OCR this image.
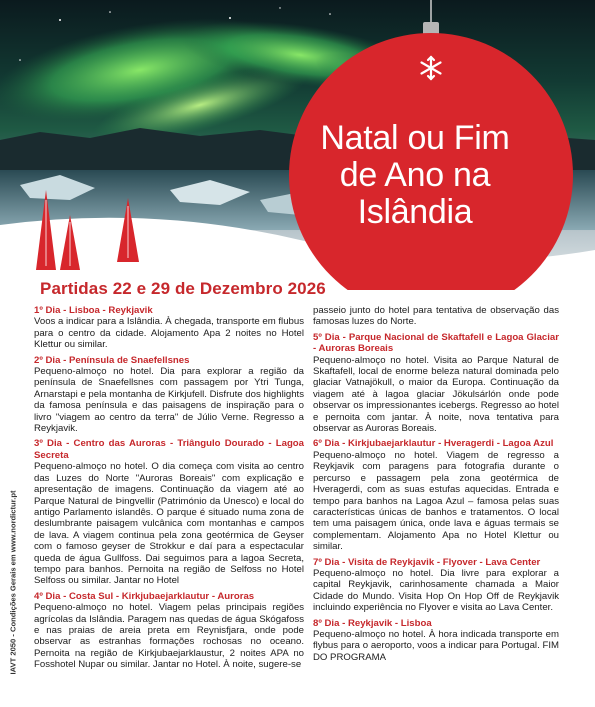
Natal ou Fim
de Ano na
Islândia
Partidas 22 e 29 de Dezembro 2026
IAVT 2050 - Condições Gerais em www.nordictur.pt
1º Dia - Lisboa - Reykjavik
Voos a indicar para a Islândia. À chegada, transporte em flubus para o centro da cidade. Alojamento Apa 2 noites no Hotel Klettur ou similar.
2º Dia - Península de Snaefellsnes
Pequeno-almoço no hotel. Dia para explorar a região da península de Snaefellsnes com passagem por Ytri Tunga, Arnarstapi e pela montanha de Kirkjufell. Disfrute dos highlights da famosa península e das paisagens de inspiração para o livro "viagem ao centro da terra" de Júlio Verne. Regresso a Reykjavik.
3º Dia - Centro das Auroras - Triângulo Dourado - Lagoa Secreta
Pequeno-almoço no hotel. O dia começa com visita ao centro das Luzes do Norte "Auroras Boreais" com explicação e apresentação de imagens. Continuação da viagem até ao Parque Natural de Þingvellir (Património da Unesco) e local do antigo Parlamento islandês. O parque é situado numa zona de deslumbrante paisagem vulcânica com montanhas e campos de lava. A viagem continua pela zona geotérmica de Geyser com o famoso geyser de Strokkur e daí para a espectacular queda de água Gullfoss. Dai seguimos para a lagoa Secreta, tempo para banhos. Pernoita na região de Selfoss no Hotel Selfoss ou similar. Jantar no Hotel
4º Dia - Costa Sul - Kirkjubaejarklautur - Auroras
Pequeno-almoço no hotel. Viagem pelas principais regiões agrícolas da Islândia. Paragem nas quedas de água Skógafoss e nas praias de areia preta em Reynisfjara, onde pode observar as estranhas formações rochosas no oceano. Pernoita na região de Kirkjubaejarklaustur, 2 noites APA no Fosshotel Nupar ou similar. Jantar no Hotel. À noite, sugere-se
passeio junto do hotel para tentativa de observação das famosas luzes do Norte.
5º Dia - Parque Nacional de Skaftafell e Lagoa Glaciar - Auroras Boreais
Pequeno-almoço no hotel. Visita ao Parque Natural de Skaftafell, local de enorme beleza natural dominada pelo glaciar Vatnajökull, o maior da Europa. Continuação da viagem até à lagoa glaciar Jökulsárlón onde pode observar os impressionantes icebergs. Regresso ao hotel e pernoita com jantar. À noite, nova tentativa para observar as Auroras Boreais.
6º Dia - Kirkjubaejarklautur - Hveragerdi - Lagoa Azul
Pequeno-almoço no hotel. Viagem de regresso a Reykjavik com paragens para fotografia durante o percurso e passagem pela zona geotérmica de Hveragerdi, com as suas estufas aquecidas. Entrada e tempo para banhos na Lagoa Azul – famosa pelas suas características únicas de banhos e tratamentos. O local tem uma paisagem única, onde lava e águas termais se complementam. Alojamento Apa no Hotel Klettur ou similar.
7º Dia - Visita de Reykjavik - Flyover - Lava Center
Pequeno-almoço no hotel. Dia livre para explorar a capital Reykjavik, carinhosamente chamada a Maior Cidade do Mundo. Visita Hop On Hop Off de Reykjavik incluindo experiência no Flyover e visita ao Lava Center.
8º Dia - Reykjavik - Lisboa
Pequeno-almoço no hotel. À hora indicada transporte em flybus para o aeroporto, voos a indicar para Portugal. FIM DO PROGRAMA
